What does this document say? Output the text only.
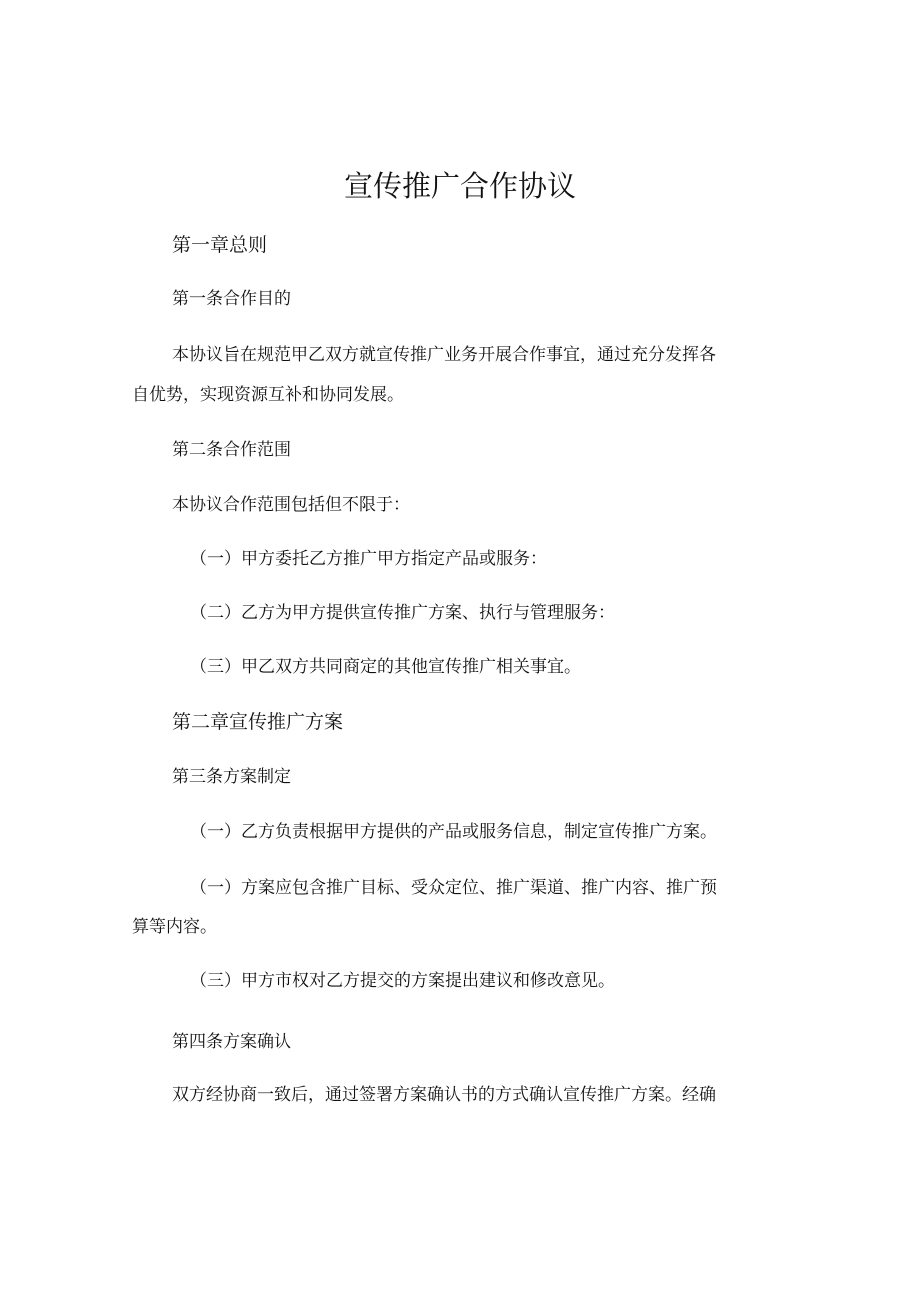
宣传推广合作协议
第一章总则

第一条合作目的

本协议旨在规范甲乙双方就宣传推广业务开展合作事宜，通过充分发挥各

自优势，实现资源互补和协同发展。

第二条合作范围

本协议合作范围包括但不限于：

（一）甲方委托乙方推广甲方指定产品或服务：

（二）乙方为甲方提供宣传推广方案、执行与管理服务：

（三）甲乙双方共同商定的其他宣传推广相关事宜。

第二章宣传推广方案

第三条方案制定

（一）乙方负责根据甲方提供的产品或服务信息，制定宣传推广方案。

（一）方案应包含推广目标、受众定位、推广渠道、推广内容、推广预

算等内容。

（三）甲方市权对乙方提交的方案提出建议和修改意见。

第四条方案确认

双方经协商一致后，通过签署方案确认书的方式确认宣传推广方案。经确
